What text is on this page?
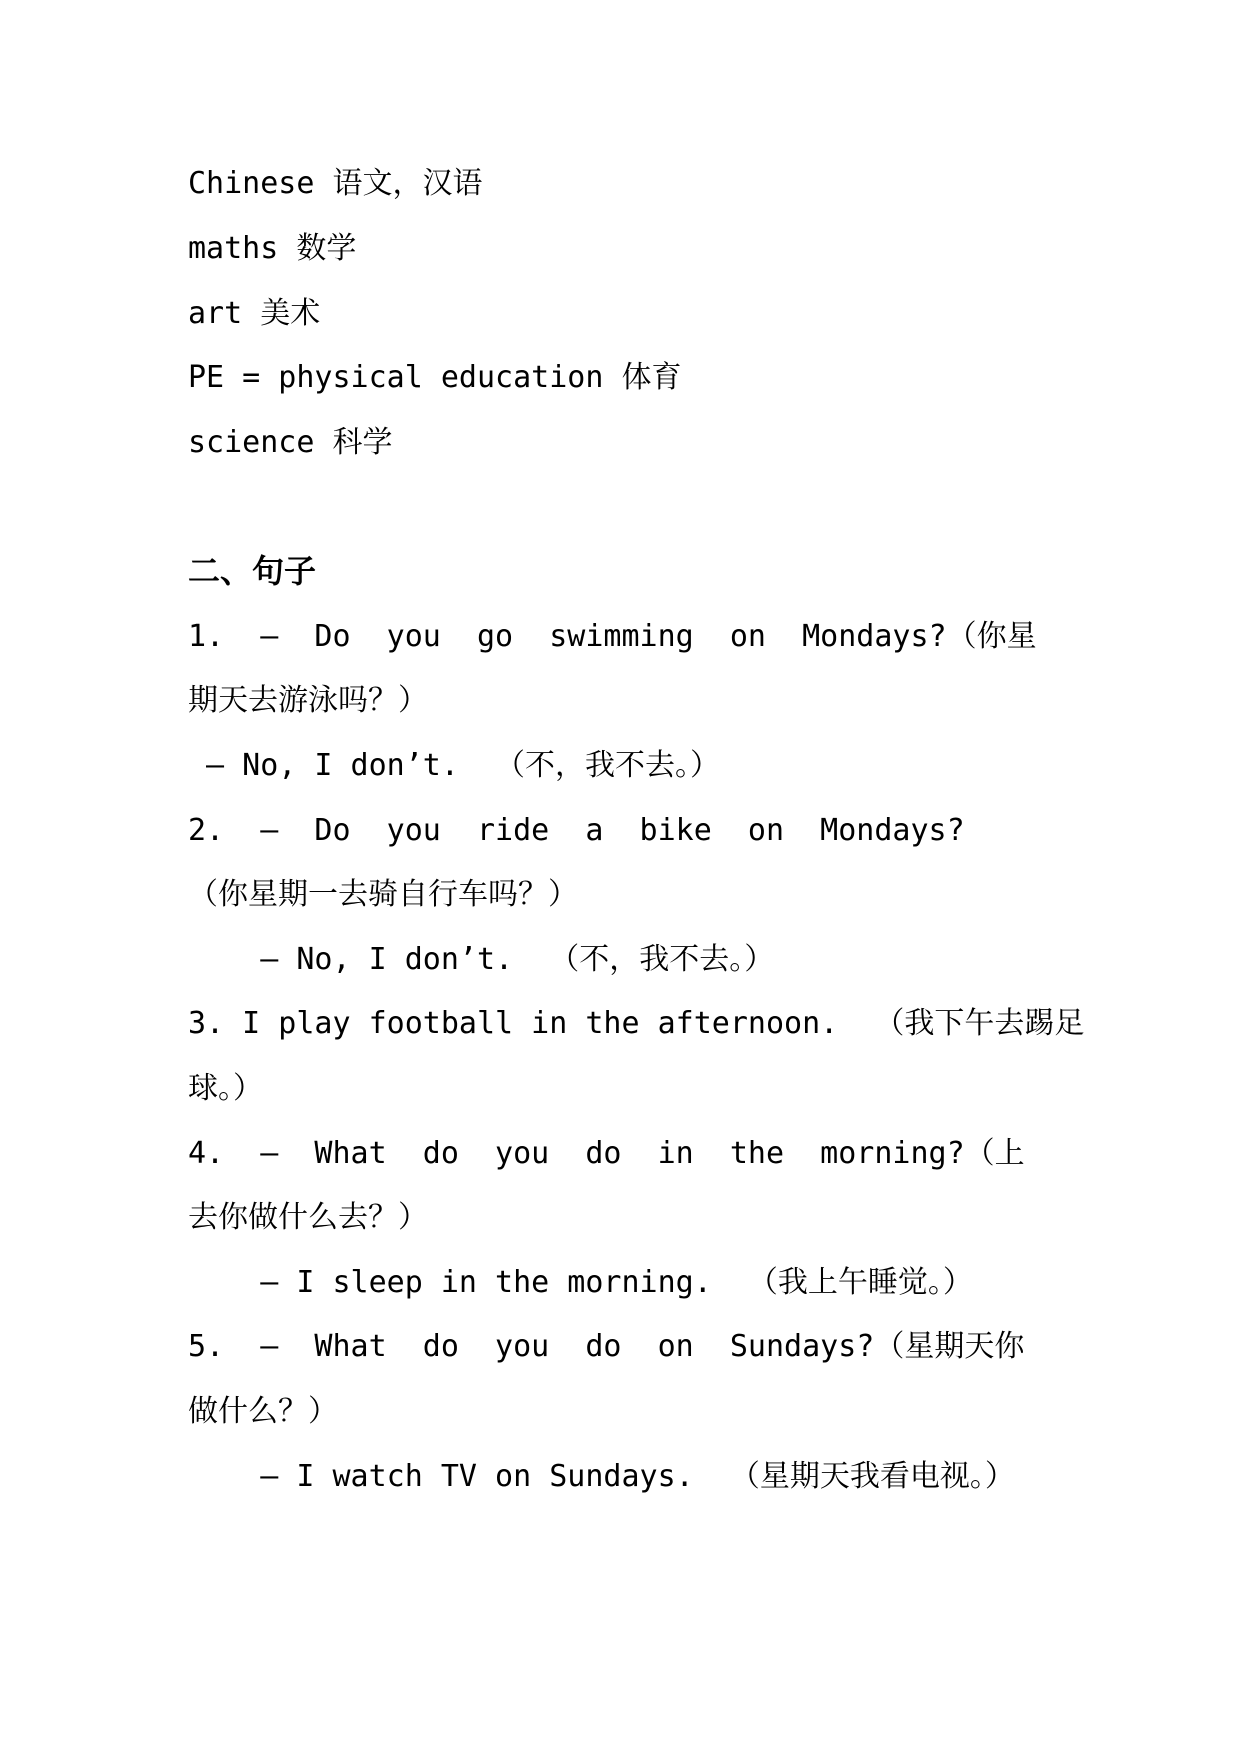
Chinese 语文，汉语

maths 数学

art 美术

PE = physical education 体育

science 科学

二、句子

1.  —  Do  you  go  swimming  on  Mondays?（你星

期天去游泳吗？）

— No, I don’t.  （不，我不去。）

2.  —  Do  you  ride  a  bike  on  Mondays?

（你星期一去骑自行车吗？）

— No, I don’t.  （不，我不去。）

3. I play football in the afternoon.  （我下午去踢足

球。）

4.  —  What  do  you  do  in  the  morning?（上

去你做什么去？）

— I sleep in the morning.  （我上午睡觉。）

5.  —  What  do  you  do  on  Sundays?（星期天你

做什么？）

— I watch TV on Sundays.  （星期天我看电视。）
